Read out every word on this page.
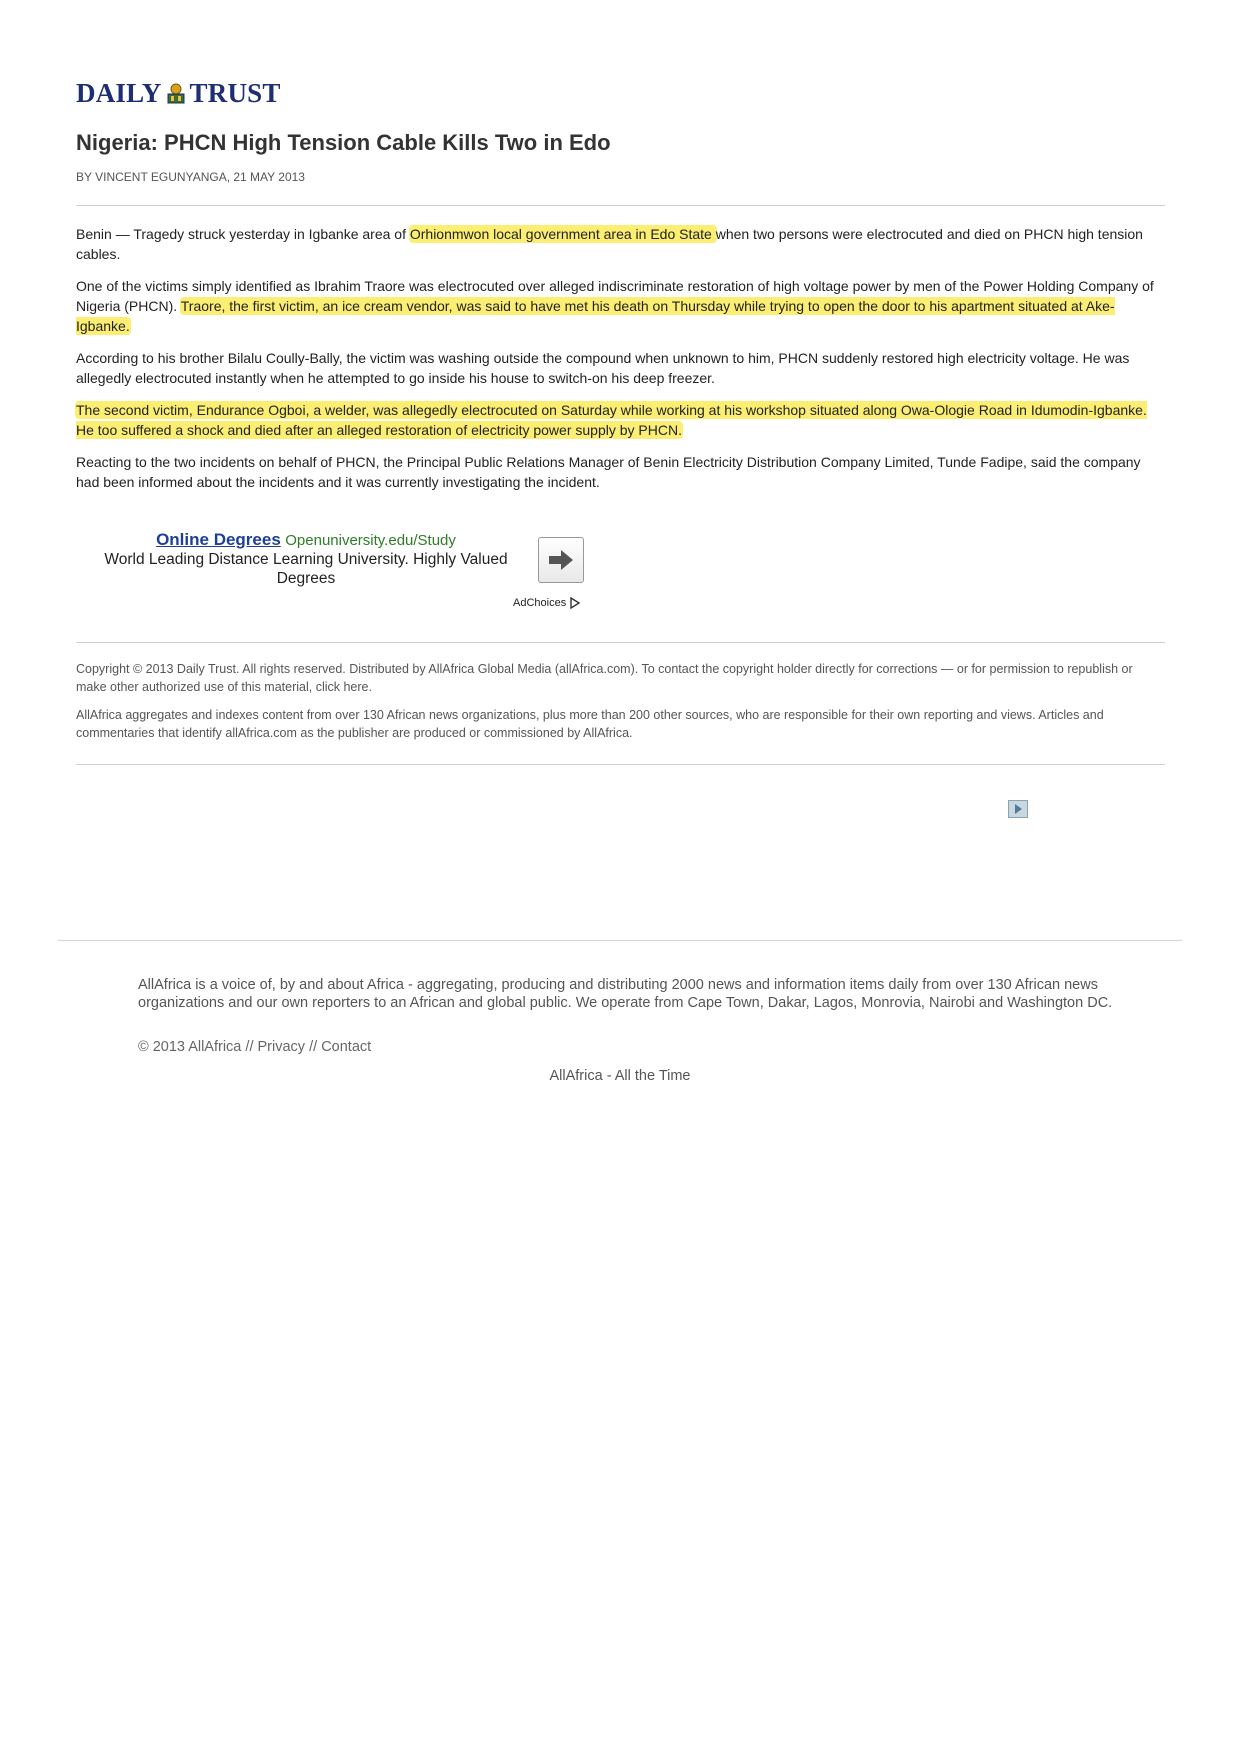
DAILY TRUST
Nigeria: PHCN High Tension Cable Kills Two in Edo
BY VINCENT EGUNYANGA, 21 MAY 2013

Benin — Tragedy struck yesterday in Igbanke area of Orhionmwon local government area in Edo State when two persons were electrocuted and died on PHCN high tension cables.

One of the victims simply identified as Ibrahim Traore was electrocuted over alleged indiscriminate restoration of high voltage power by men of the Power Holding Company of Nigeria (PHCN). Traore, the first victim, an ice cream vendor, was said to have met his death on Thursday while trying to open the door to his apartment situated at Ake-Igbanke.

According to his brother Bilalu Coully-Bally, the victim was washing outside the compound when unknown to him, PHCN suddenly restored high electricity voltage. He was allegedly electrocuted instantly when he attempted to go inside his house to switch-on his deep freezer.

The second victim, Endurance Ogboi, a welder, was allegedly electrocuted on Saturday while working at his workshop situated along Owa-Ologie Road in Idumodin-Igbanke. He too suffered a shock and died after an alleged restoration of electricity power supply by PHCN.

Reacting to the two incidents on behalf of PHCN, the Principal Public Relations Manager of Benin Electricity Distribution Company Limited, Tunde Fadipe, said the company had been informed about the incidents and it was currently investigating the incident.

Online Degrees Openuniversity.edu/Study
World Leading Distance Learning University. Highly Valued Degrees
AdChoices

Copyright © 2013 Daily Trust. All rights reserved. Distributed by AllAfrica Global Media (allAfrica.com). To contact the copyright holder directly for corrections — or for permission to republish or make other authorized use of this material, click here.

AllAfrica aggregates and indexes content from over 130 African news organizations, plus more than 200 other sources, who are responsible for their own reporting and views. Articles and commentaries that identify allAfrica.com as the publisher are produced or commissioned by AllAfrica.

AllAfrica is a voice of, by and about Africa - aggregating, producing and distributing 2000 news and information items daily from over 130 African news organizations and our own reporters to an African and global public. We operate from Cape Town, Dakar, Lagos, Monrovia, Nairobi and Washington DC.

© 2013 AllAfrica // Privacy // Contact
AllAfrica - All the Time
